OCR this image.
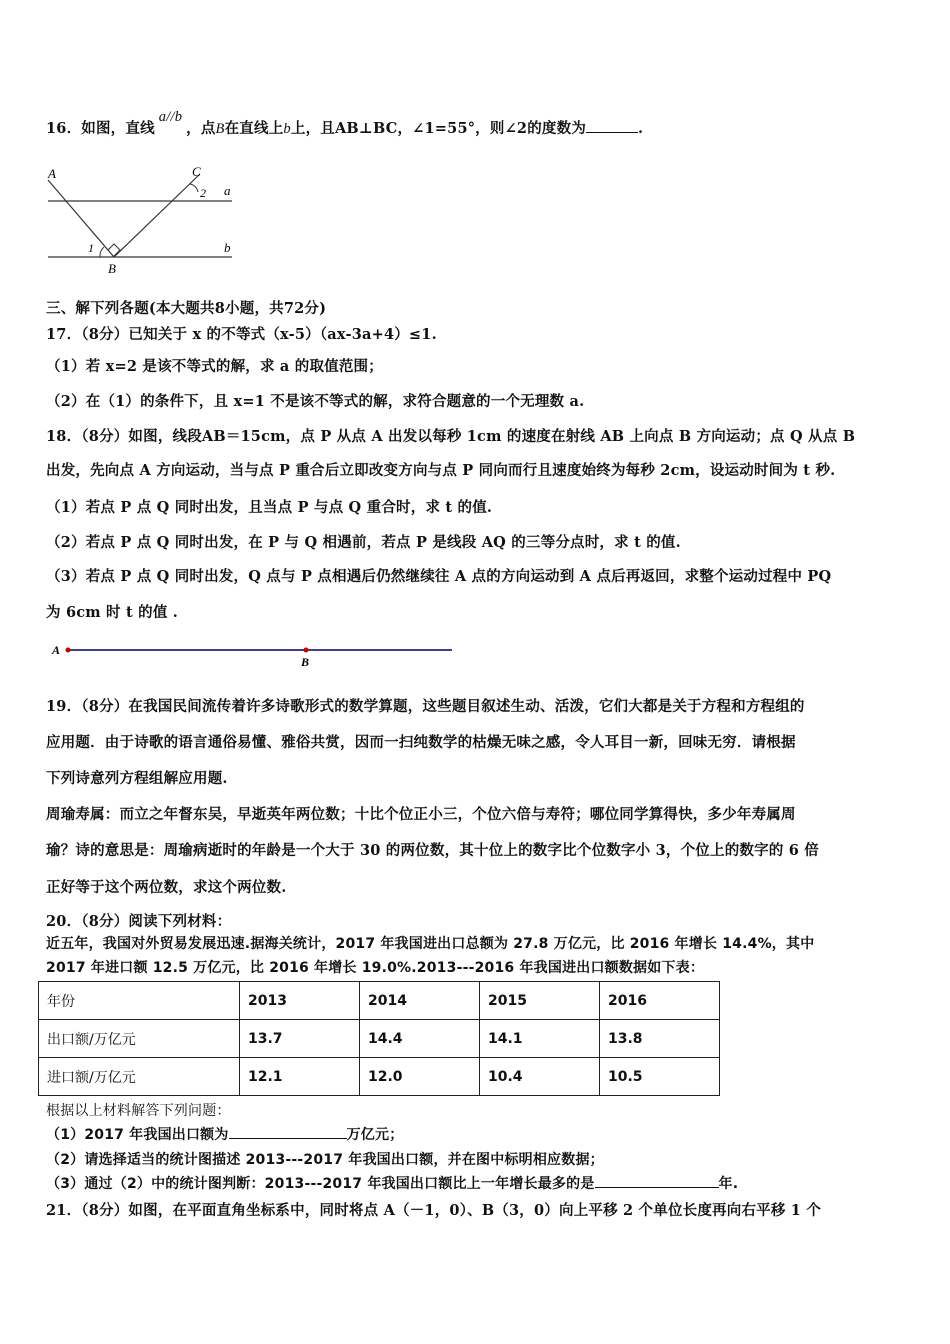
16．如图，直线a//b，点B在直线上b上，且AB⊥BC，∠1=55°，则∠2的度数为	.
A	C
B
a
b
1
2
三、解下列各题(本大题共8小题，共72分)
17．（8分）已知关于 x 的不等式（x-5）（ax-3a+4）≤1.
（1）若 x=2 是该不等式的解，求 a 的取值范围；
（2）在（1）的条件下，且 x=1 不是该不等式的解，求符合题意的一个无理数 a.
18．（8分）如图，线段AB＝15cm，点 P 从点 A 出发以每秒 1cm 的速度在射线 AB 上向点 B 方向运动；点 Q 从点 B
出发，先向点 A 方向运动，当与点 P 重合后立即改变方向与点 P 同向而行且速度始终为每秒 2cm，设运动时间为 t 秒.
（1）若点 P 点 Q 同时出发，且当点 P 与点 Q 重合时，求 t 的值.
（2）若点 P 点 Q 同时出发，在 P 与 Q 相遇前，若点 P 是线段 AQ 的三等分点时，求 t 的值.
（3）若点 P 点 Q 同时出发，Q 点与 P 点相遇后仍然继续往 A 点的方向运动到 A 点后再返回，求整个运动过程中 PQ
为 6cm 时 t 的值 .
A
B
19．（8分）在我国民间流传着许多诗歌形式的数学算题，这些题目叙述生动、活泼，它们大都是关于方程和方程组的
应用题．由于诗歌的语言通俗易懂、雅俗共赏，因而一扫纯数学的枯燥无味之感，令人耳目一新，回味无穷．请根据
下列诗意列方程组解应用题.
周瑜寿属：而立之年督东吴，早逝英年两位数；十比个位正小三，个位六倍与寿符；哪位同学算得快，多少年寿属周
瑜？诗的意思是：周瑜病逝时的年龄是一个大于 30 的两位数，其十位上的数字比个位数字小 3，个位上的数字的 6 倍
正好等于这个两位数，求这个两位数.
20．（8分）阅读下列材料：
近五年，我国对外贸易发展迅速.据海关统计，2017 年我国进出口总额为 27.8 万亿元，比 2016 年增长 14.4%，其中
2017 年进口额 12.5 万亿元，比 2016 年增长 19.0%.2013---2016 年我国进出口额数据如下表：
年份	2013	2014	2015	2016
出口额/万亿元	13.7	14.4	14.1	13.8
进口额/万亿元	12.1	12.0	10.4	10.5
根据以上材料解答下列问题：
（1）2017 年我国出口额为	万亿元；
（2）请选择适当的统计图描述 2013---2017 年我国出口额，并在图中标明相应数据；
（3）通过（2）中的统计图判断：2013---2017 年我国出口额比上一年增长最多的是	年.
21．（8分）如图，在平面直角坐标系中，同时将点 A（－1，0）、B（3，0）向上平移 2 个单位长度再向右平移 1 个
